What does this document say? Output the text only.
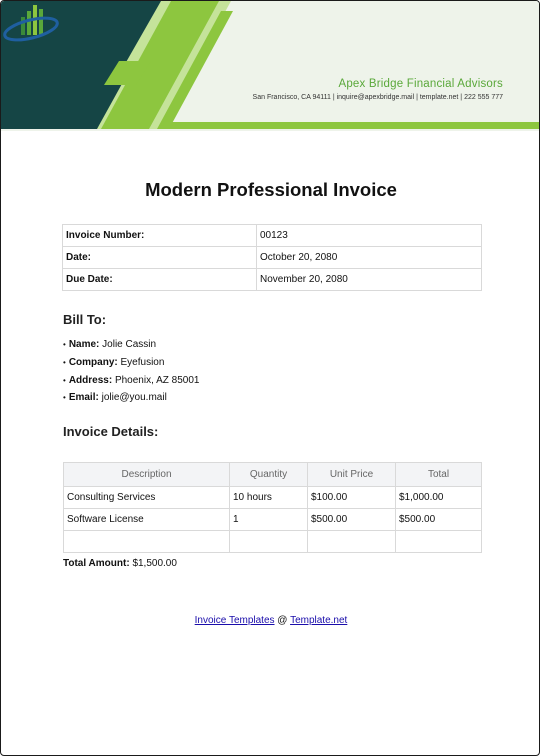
Apex Bridge Financial Advisors
San Francisco, CA 94111 | inquire@apexbridge.mail | template.net | 222 555 777
Modern Professional Invoice
Invoice Number:	00123
Date:	October 20, 2080
Due Date:	November 20, 2080
Bill To:
• Name: Jolie Cassin
• Company: Eyefusion
• Address: Phoenix, AZ 85001
• Email: jolie@you.mail
Invoice Details:
Description	Quantity	Unit Price	Total
Consulting Services	10 hours	$100.00	$1,000.00
Software License	1	$500.00	$500.00

Total Amount: $1,500.00
Invoice Templates @ Template.net
